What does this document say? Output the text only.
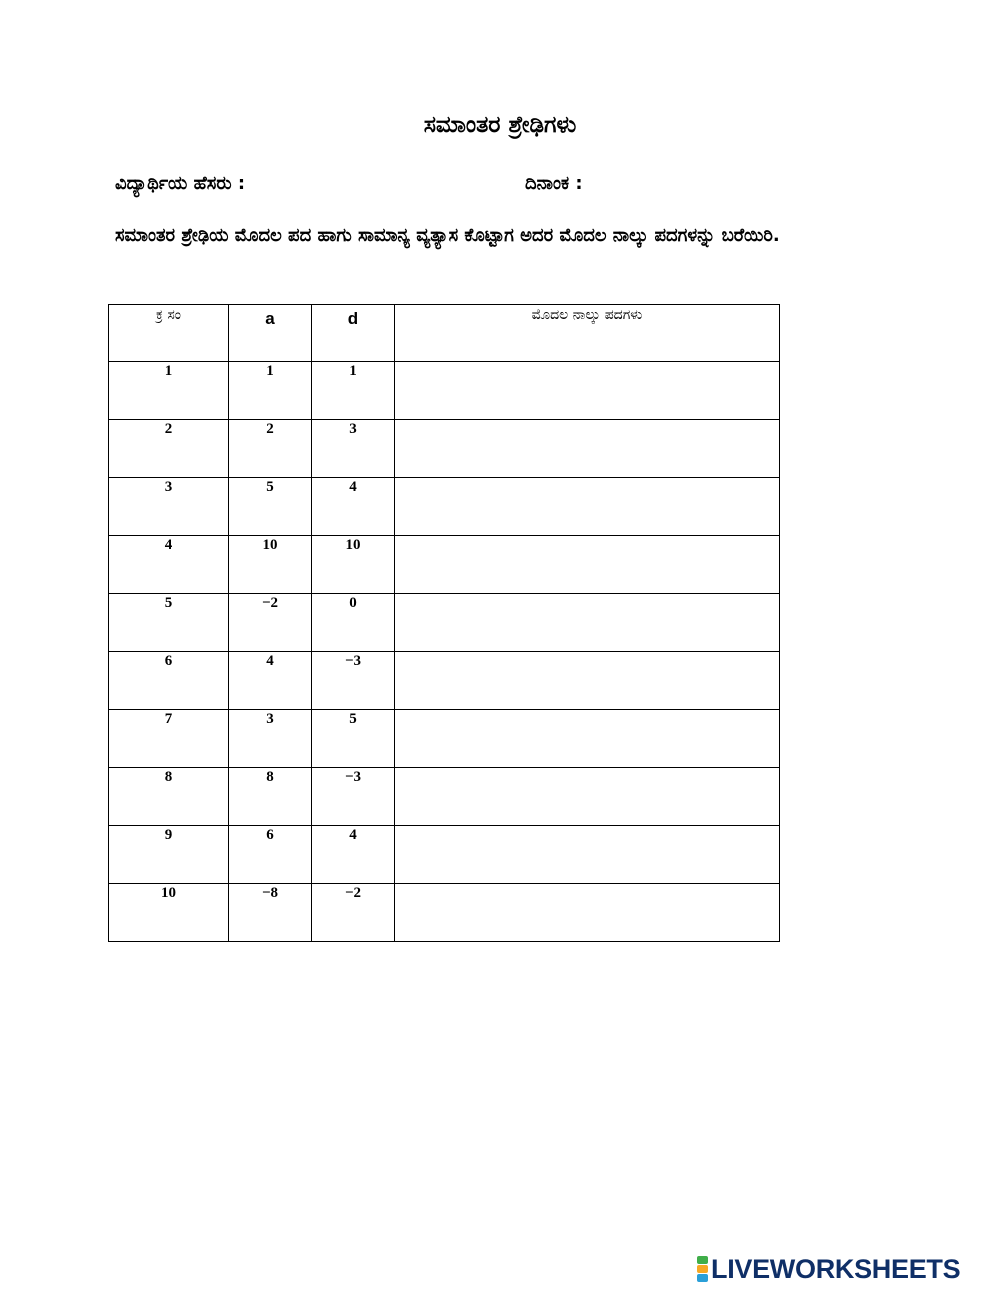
ಸಮಾಂತರ ಶ್ರೇಢಿಗಳು
ವಿದ್ಯಾರ್ಥಿಯ ಹೆಸರು :	ದಿನಾಂಕ :
ಸಮಾಂತರ ಶ್ರೇಢಿಯ ಮೊದಲ ಪದ ಹಾಗು ಸಾಮಾನ್ಯ ವ್ಯತ್ಯಾಸ ಕೊಟ್ಟಾಗ ಅದರ ಮೊದಲ ನಾಲ್ಕು ಪದಗಳನ್ನು ಬರೆಯಿರಿ.
ಕ್ರ ಸಂ	a	d	ಮೊದಲ ನಾಲ್ಕು ಪದಗಳು

1	1	1	

2	2	3	

3	5	4	

4	10	10	

5	−2	0	

6	4	−3	

7	3	5	

8	8	−3	

9	6	4	

10	−8	−2	

LIVEWORKSHEETS
